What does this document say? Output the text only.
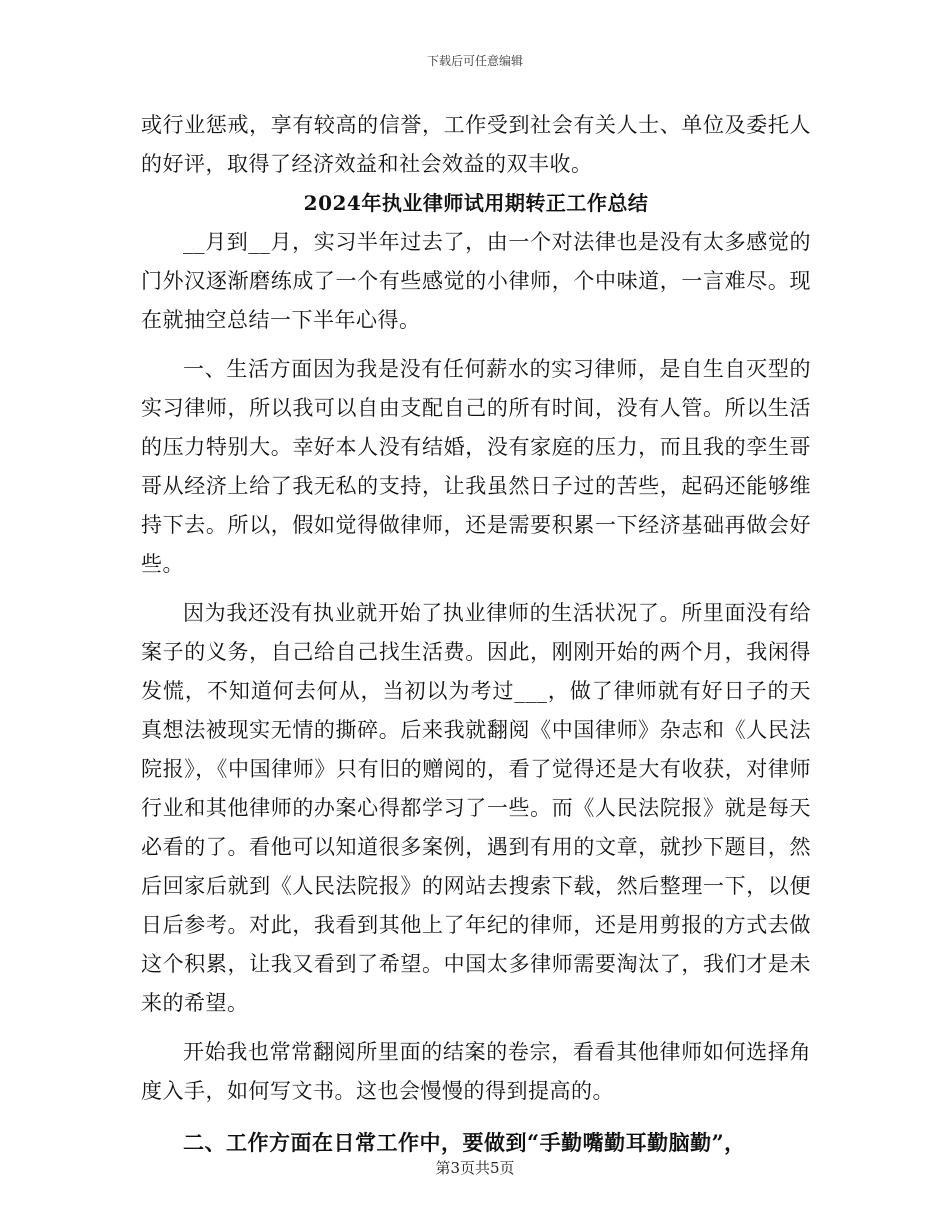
下载后可任意编辑

或行业惩戒，享有较高的信誉，工作受到社会有关人士、单位及委托人的好评，取得了经济效益和社会效益的双丰收。

2024年执业律师试用期转正工作总结

__月到__月，实习半年过去了，由一个对法律也是没有太多感觉的门外汉逐渐磨练成了一个有些感觉的小律师，个中味道，一言难尽。现在就抽空总结一下半年心得。

一、生活方面因为我是没有任何薪水的实习律师，是自生自灭型的实习律师，所以我可以自由支配自己的所有时间，没有人管。所以生活的压力特别大。幸好本人没有结婚，没有家庭的压力，而且我的孪生哥哥从经济上给了我无私的支持，让我虽然日子过的苦些，起码还能够维持下去。所以，假如觉得做律师，还是需要积累一下经济基础再做会好些。

因为我还没有执业就开始了执业律师的生活状况了。所里面没有给案子的义务，自己给自己找生活费。因此，刚刚开始的两个月，我闲得发慌，不知道何去何从，当初以为考过___，做了律师就有好日子的天真想法被现实无情的撕碎。后来我就翻阅《中国律师》杂志和《人民法院报》，《中国律师》只有旧的赠阅的，看了觉得还是大有收获，对律师行业和其他律师的办案心得都学习了一些。而《人民法院报》就是每天必看的了。看他可以知道很多案例，遇到有用的文章，就抄下题目，然后回家后就到《人民法院报》的网站去搜索下载，然后整理一下，以便日后参考。对此，我看到其他上了年纪的律师，还是用剪报的方式去做这个积累，让我又看到了希望。中国太多律师需要淘汰了，我们才是未来的希望。

开始我也常常翻阅所里面的结案的卷宗，看看其他律师如何选择角度入手，如何写文书。这也会慢慢的得到提高的。

二、工作方面在日常工作中，要做到“手勤嘴勤耳勤脑勤”，

第3页共5页
